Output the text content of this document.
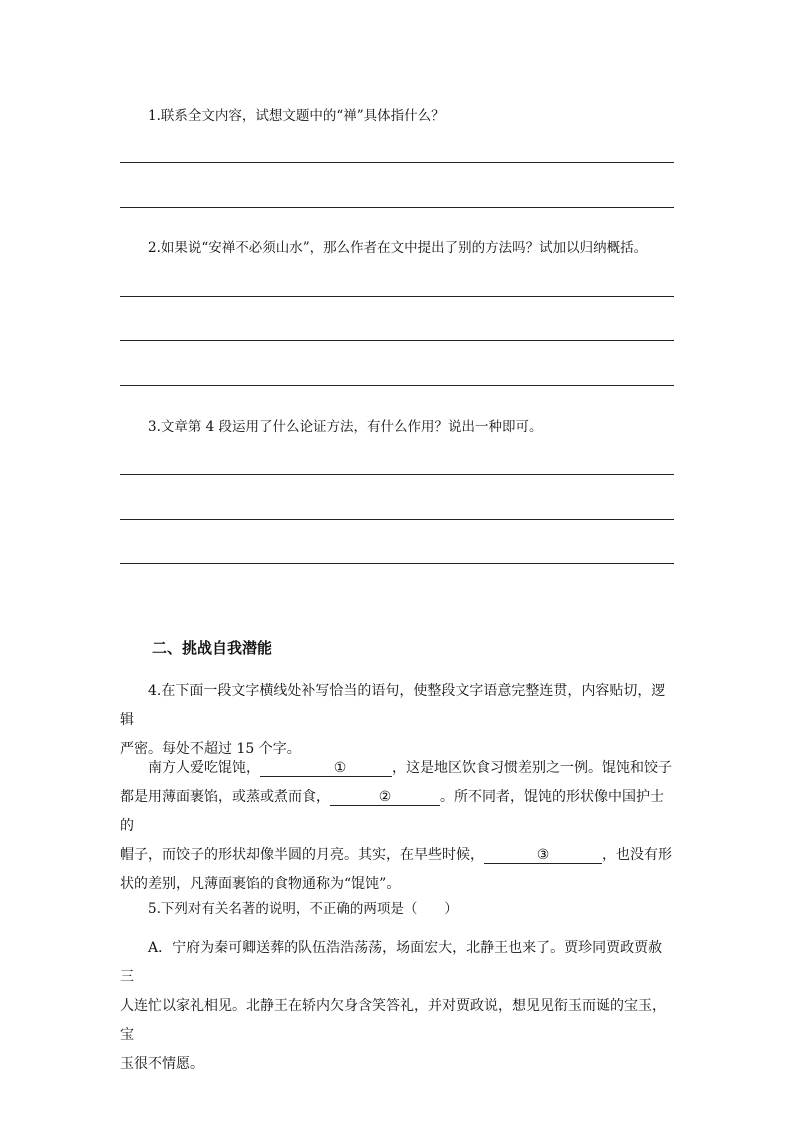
1.联系全文内容，试想文题中的“禅”具体指什么？
2.如果说“安禅不必须山水”，那么作者在文中提出了别的方法吗？试加以归纳概括。
3.文章第 4 段运用了什么论证方法，有什么作用？说出一种即可。
二、挑战自我潜能
4.在下面一段文字横线处补写恰当的语句，使整段文字语意完整连贯，内容贴切，逻辑
严密。每处不超过 15 个字。
南方人爱吃馄饨，	①	，这是地区饮食习惯差别之一例。馄饨和饺子
都是用薄面裹馅，或蒸或煮而食，	②	。所不同者，馄饨的形状像中国护士的
帽子，而饺子的形状却像半圆的月亮。其实，在早些时候，	③	，也没有形
状的差别，凡薄面裹馅的食物通称为“馄饨”。
5.下列对有关名著的说明，不正确的两项是（　　）
A．宁府为秦可卿送葬的队伍浩浩荡荡，场面宏大，北静王也来了。贾珍同贾政贾赦三
人连忙以家礼相见。北静王在轿内欠身含笑答礼，并对贾政说，想见见衔玉而诞的宝玉，宝
玉很不情愿。
